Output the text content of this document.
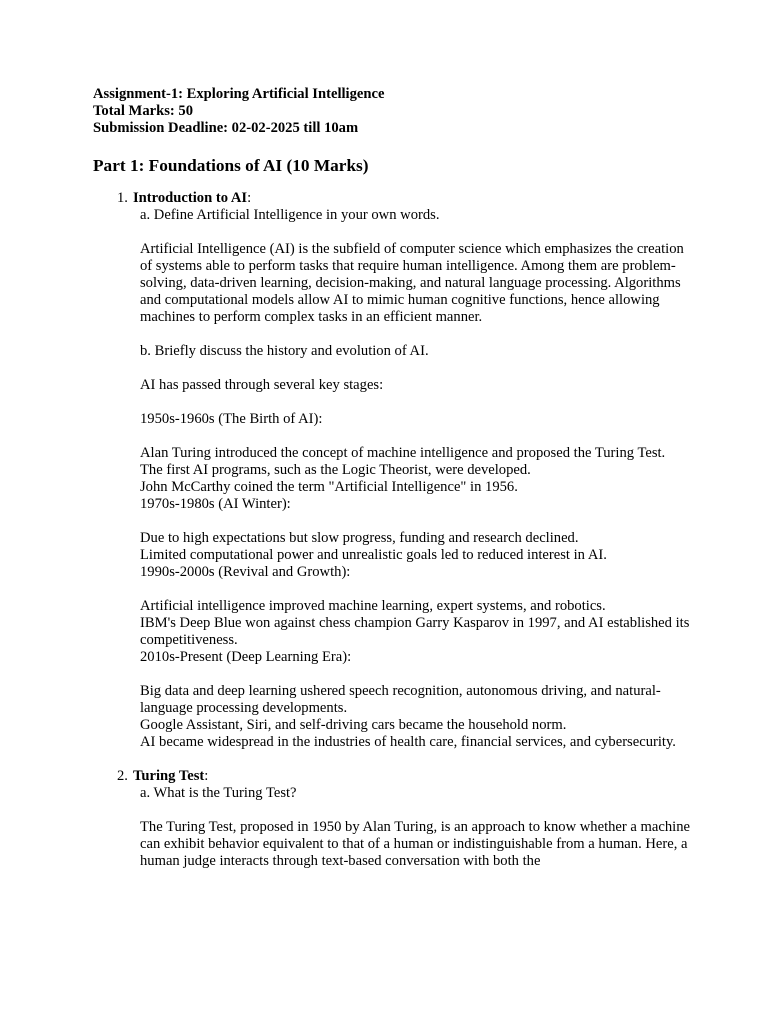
Assignment-1: Exploring Artificial Intelligence

Total Marks: 50

Submission Deadline: 02-02-2025 till 10am

Part 1: Foundations of AI (10 Marks)

1. Introduction to AI:

a. Define Artificial Intelligence in your own words.

Artificial Intelligence (AI) is the subfield of computer science which emphasizes the creation of systems able to perform tasks that require human intelligence. Among them are problem-solving, data-driven learning, decision-making, and natural language processing. Algorithms and computational models allow AI to mimic human cognitive functions, hence allowing machines to perform complex tasks in an efficient manner.

b. Briefly discuss the history and evolution of AI.

AI has passed through several key stages:

1950s-1960s (The Birth of AI):

Alan Turing introduced the concept of machine intelligence and proposed the Turing Test.

The first AI programs, such as the Logic Theorist, were developed.

John McCarthy coined the term "Artificial Intelligence" in 1956.

1970s-1980s (AI Winter):

Due to high expectations but slow progress, funding and research declined.

Limited computational power and unrealistic goals led to reduced interest in AI.

1990s-2000s (Revival and Growth):

Artificial intelligence improved machine learning, expert systems, and robotics.

IBM's Deep Blue won against chess champion Garry Kasparov in 1997, and AI established its competitiveness.

2010s-Present (Deep Learning Era):

Big data and deep learning ushered speech recognition, autonomous driving, and natural-language processing developments.

Google Assistant, Siri, and self-driving cars became the household norm.

AI became widespread in the industries of health care, financial services, and cybersecurity.

2. Turing Test:

a. What is the Turing Test?

The Turing Test, proposed in 1950 by Alan Turing, is an approach to know whether a machine can exhibit behavior equivalent to that of a human or indistinguishable from a human. Here, a human judge interacts through text-based conversation with both the
